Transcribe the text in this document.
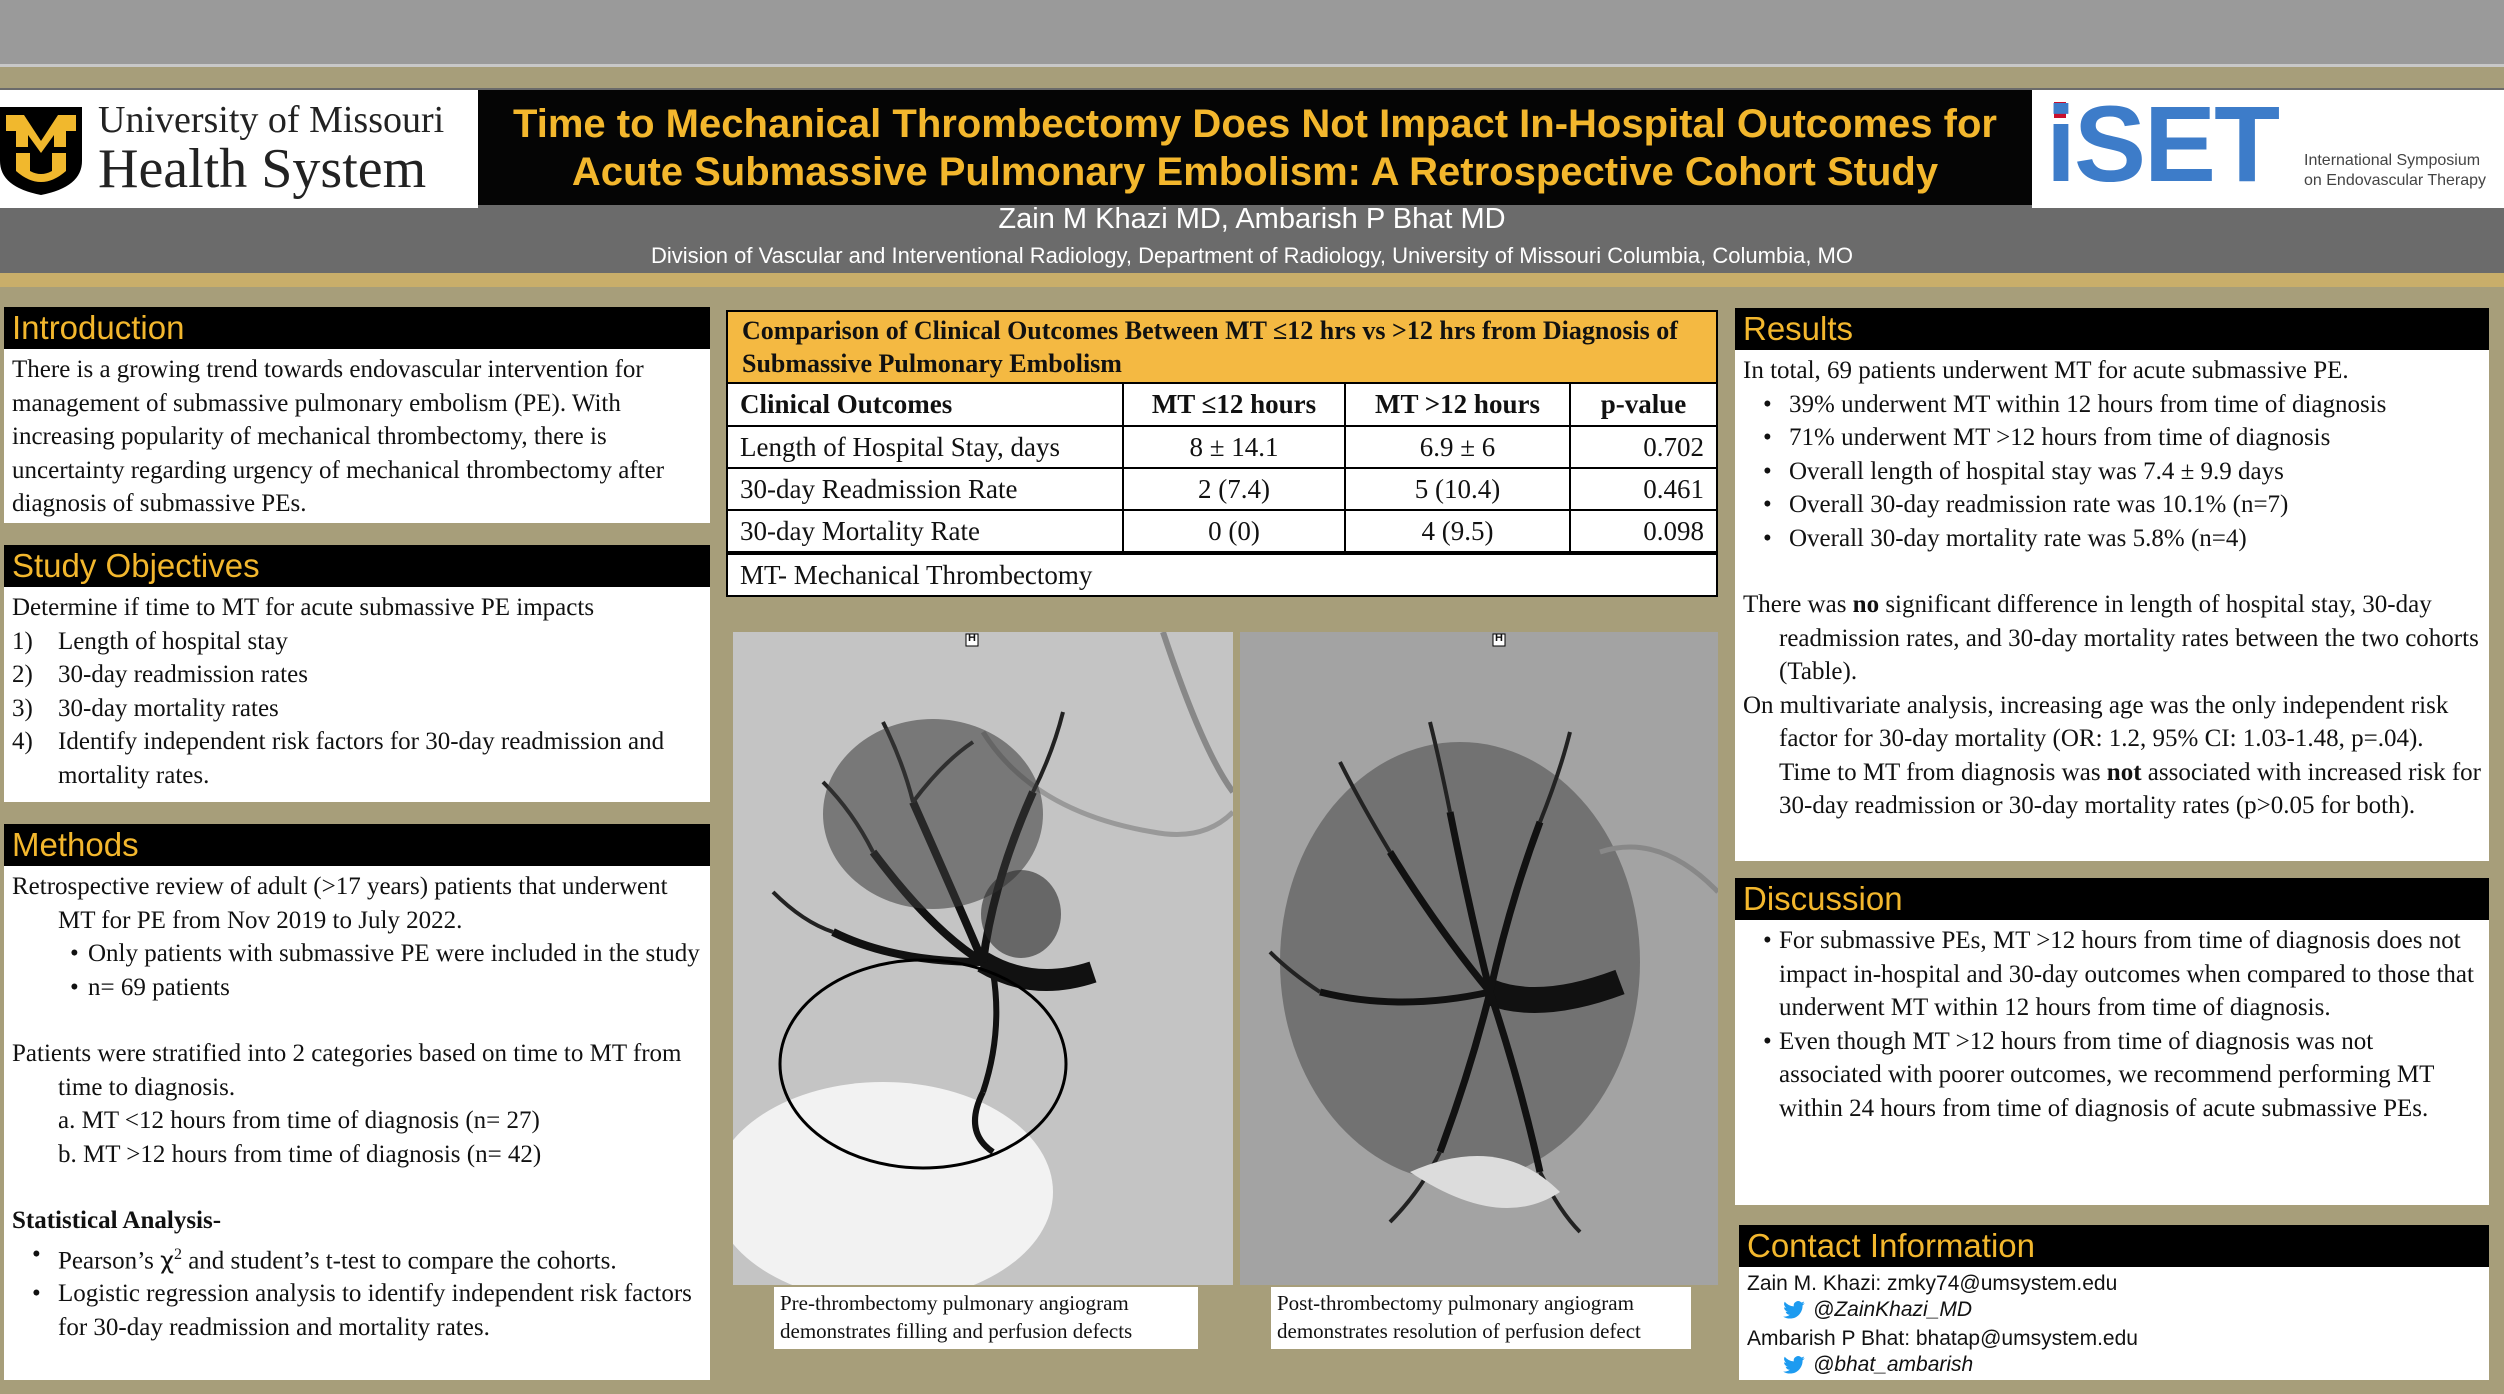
University of Missouri
Health System	iSET International Symposium
on Endovascular Therapy
Time to Mechanical Thrombectomy Does Not Impact In-Hospital Outcomes for
Acute Submassive Pulmonary Embolism: A Retrospective Cohort Study
Zain M Khazi MD, Ambarish P Bhat MD
Division of Vascular and Interventional Radiology, Department of Radiology, University of Missouri Columbia, Columbia, MO
Introduction
There is a growing trend towards endovascular intervention for management of submassive pulmonary embolism (PE). With increasing popularity of mechanical thrombectomy, there is uncertainty regarding urgency of mechanical thrombectomy after diagnosis of submassive PEs.
Study Objectives
Determine if time to MT for acute submassive PE impacts
1) Length of hospital stay
2) 30-day readmission rates
3) 30-day mortality rates
4) Identify independent risk factors for 30-day readmission and mortality rates.
Methods
Retrospective review of adult (>17 years) patients that underwent MT for PE from Nov 2019 to July 2022.
• Only patients with submassive PE were included in the study
• n= 69 patients
Patients were stratified into 2 categories based on time to MT from time to diagnosis.
a. MT <12 hours from time of diagnosis (n= 27)
b. MT >12 hours from time of diagnosis (n= 42)
Statistical Analysis-
• Pearson’s $\chi^2$ and student’s t-test to compare the cohorts.
• Logistic regression analysis to identify independent risk factors for 30-day readmission and mortality rates.
Comparison of Clinical Outcomes Between MT ≤12 hrs vs >12 hrs from Diagnosis of Submassive Pulmonary Embolism
Clinical Outcomes	MT ≤12 hours	MT >12 hours	p-value
Length of Hospital Stay, days	8 ± 14.1	6.9 ± 6	0.702
30-day Readmission Rate	2 (7.4)	5 (10.4)	0.461
30-day Mortality Rate	0 (0)	4 (9.5)	0.098
MT- Mechanical Thrombectomy
H	H
Pre-thrombectomy pulmonary angiogram demonstrates filling and perfusion defects
Post-thrombectomy pulmonary angiogram demonstrates resolution of perfusion defect
Results
In total, 69 patients underwent MT for acute submassive PE.
• 39% underwent MT within 12 hours from time of diagnosis
• 71% underwent MT >12 hours from time of diagnosis
• Overall length of hospital stay was 7.4 ± 9.9 days
• Overall 30-day readmission rate was 10.1% (n=7)
• Overall 30-day mortality rate was 5.8% (n=4)
There was no significant difference in length of hospital stay, 30-day readmission rates, and 30-day mortality rates between the two cohorts (Table).
On multivariate analysis, increasing age was the only independent risk factor for 30-day mortality (OR: 1.2, 95% CI: 1.03-1.48, p=.04). Time to MT from diagnosis was not associated with increased risk for 30-day readmission or 30-day mortality rates (p>0.05 for both).
Discussion
• For submassive PEs, MT >12 hours from time of diagnosis does not impact in-hospital and 30-day outcomes when compared to those that underwent MT within 12 hours from time of diagnosis.
• Even though MT >12 hours from time of diagnosis was not associated with poorer outcomes, we recommend performing MT within 24 hours from time of diagnosis of acute submassive PEs.
Contact Information
Zain M. Khazi: zmky74@umsystem.edu
@ZainKhazi_MD
Ambarish P Bhat: bhatap@umsystem.edu
@bhat_ambarish
